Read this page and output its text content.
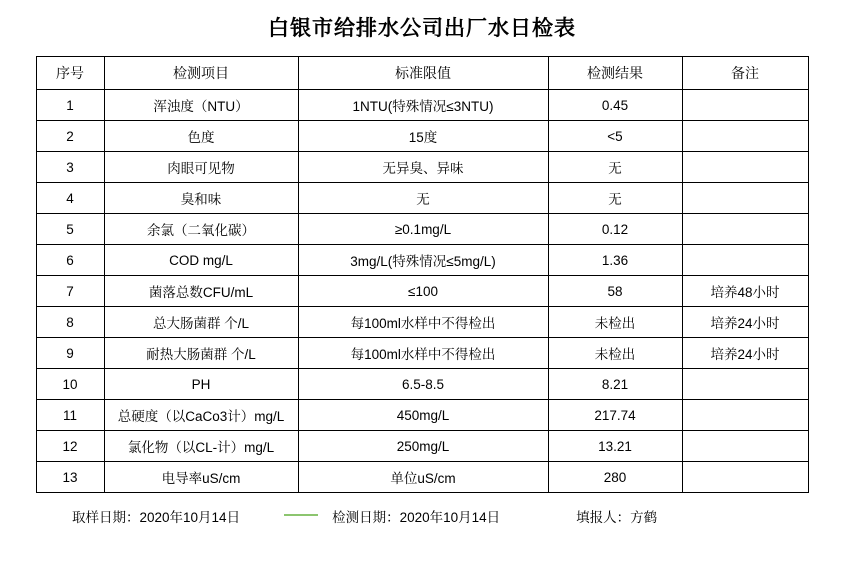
白银市给排水公司出厂水日检表
序号	检测项目	标准限值	检测结果	备注
1	浑浊度（NTU）	1NTU(特殊情况≤3NTU)	0.45	
2	色度	15度	<5	
3	肉眼可见物	无异臭、异味	无	
4	臭和味	无	无	
5	余氯（二氧化碳）	≥0.1mg/L	0.12	
6	COD mg/L	3mg/L(特殊情况≤5mg/L)	1.36	
7	菌落总数CFU/mL	≤100	58	培养48小时
8	总大肠菌群 个/L	每100ml水样中不得检出	未检出	培养24小时
9	耐热大肠菌群 个/L	每100ml水样中不得检出	未检出	培养24小时
10	PH	6.5-8.5	8.21	
11	总硬度（以CaCo3计）mg/L	450mg/L	217.74	
12	氯化物（以CL-计）mg/L	250mg/L	13.21	
13	电导率uS/cm	单位uS/cm	280	
取样日期：2020年10月14日	检测日期：2020年10月14日	填报人：方鹤
